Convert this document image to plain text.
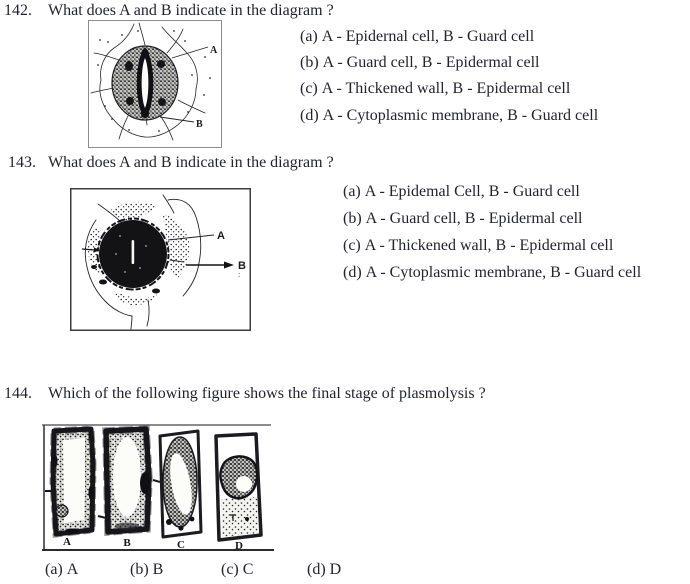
142. What does A and B indicate in the diagram ?
A
B
(a) A - Epidernal cell, B - Guard cell
(b) A - Guard cell, B - Epidermal cell
(c) A - Thickened wall, B - Epidermal cell
(d) A - Cytoplasmic membrane, B - Guard cell
143. What does A and B indicate in the diagram ?
A
B
:
(a) A - Epidemal Cell, B - Guard cell
(b) A - Guard cell, B - Epidermal cell
(c) A - Thickened wall, B - Epidermal cell
(d) A - Cytoplasmic membrane, B - Guard cell
144. Which of the following figure shows the final stage of plasmolysis ?
A	B	C	D
(a) A	(b) B	(c) C	(d) D
